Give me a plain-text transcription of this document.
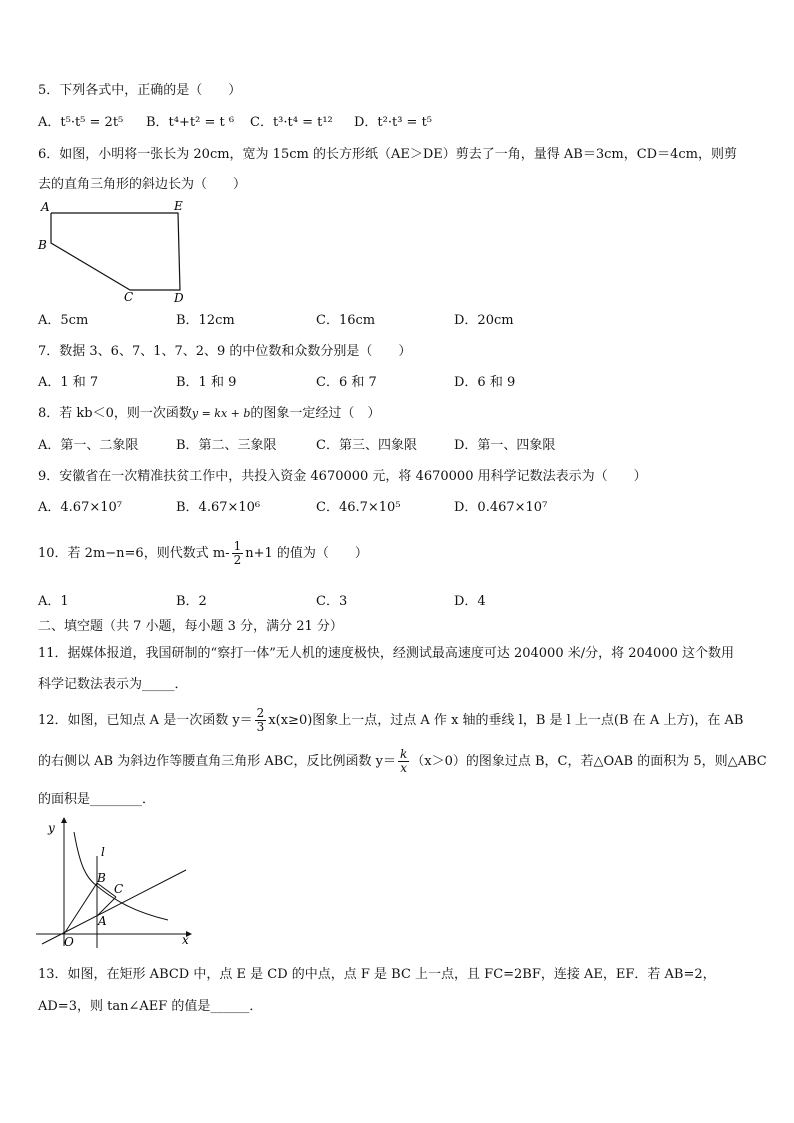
5．下列各式中，正确的是（　　）
A．t⁵·t⁵ = 2t⁵ B．t⁴+t² = t ⁶ C．t³·t⁴ = t¹² D．t²·t³ = t⁵
6．如图，小明将一张长为 20cm，宽为 15cm 的长方形纸（AE＞DE）剪去了一角，量得 AB＝3cm，CD＝4cm，则剪
去的直角三角形的斜边长为（　　）
A	E
B
C	D
A．5cm	B．12cm	C．16cm	D．20cm
7．数据 3、6、7、1、7、2、9 的中位数和众数分别是（　　）
A．1 和 7	B．1 和 9	C．6 和 7	D．6 和 9
8．若 kb＜0，则一次函数y = kx + b的图象一定经过（　）
A．第一、二象限	B．第二、三象限	C．第三、四象限	D．第一、四象限
9．安徽省在一次精准扶贫工作中，共投入资金 4670000 元，将 4670000 用科学记数法表示为（　　）
A．4.67×10⁷	B．4.67×10⁶	C．46.7×10⁵	D．0.467×10⁷
10．若 2m−n=6，则代数式 $m- \frac{1}{2} n+1$ 的值为（　　）
A．1	B．2	C．3	D．4
二、填空题（共 7 小题，每小题 3 分，满分 21 分）
11．据媒体报道，我国研制的“察打一体”无人机的速度极快，经测试最高速度可达 204000 米/分，将 204000 这个数用
科学记数法表示为_____．
12．如图，已知点 A 是一次函数 $y= \frac{2}{3} x(x\ge 0)$图象上一点，过点 A 作 x 轴的垂线 l，B 是 l 上一点(B 在 A 上方)，在 AB
的右侧以 AB 为斜边作等腰直角三角形 ABC，反比例函数 $y= \frac{k}{x} (x>0)$的图象过点 B，C，若△OAB 的面积为 5，则△ABC
的面积是________．
y
l
B
C
A
O	x
13．如图，在矩形 ABCD 中，点 E 是 CD 的中点，点 F 是 BC 上一点，且 FC=2BF，连接 AE，EF．若 AB=2，
AD=3，则 tan∠AEF 的值是______．
